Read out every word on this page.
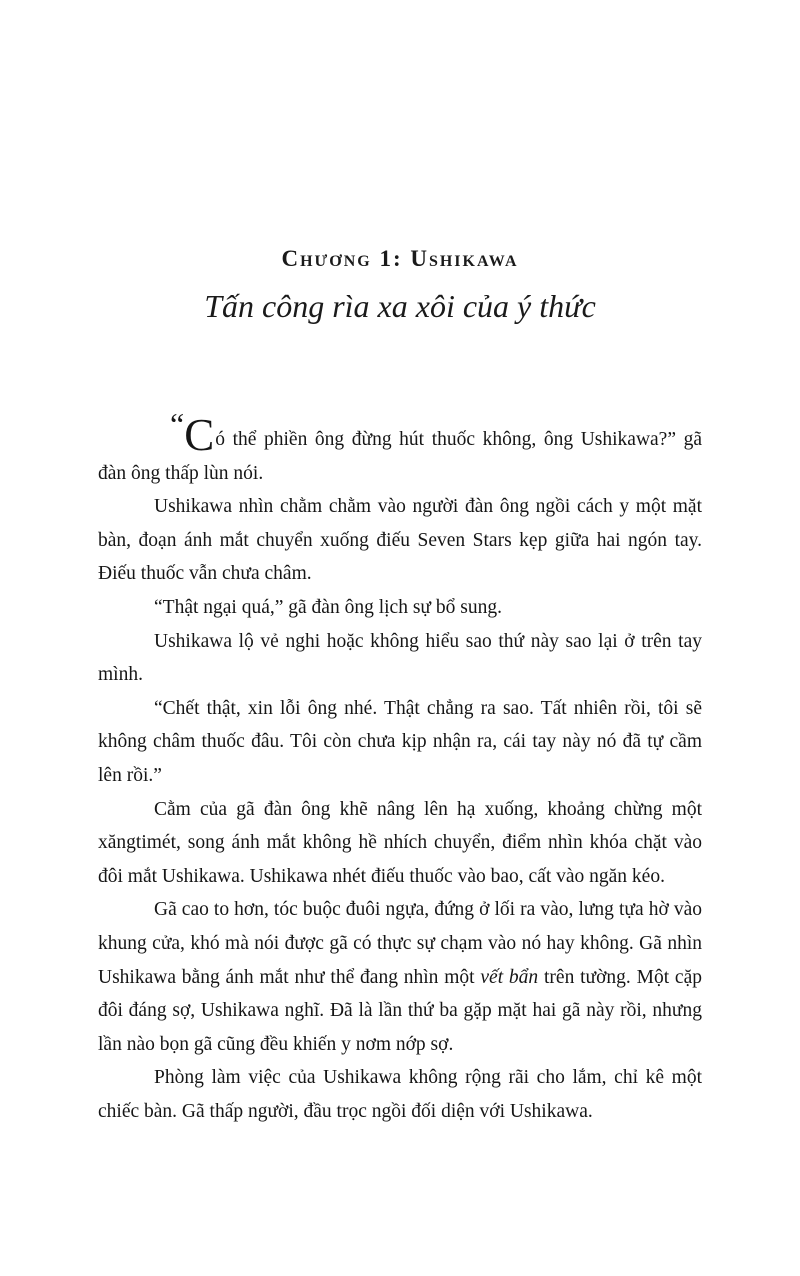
Chương 1: Ushikawa
Tấn công rìa xa xôi của ý thức

“Có thể phiền ông đừng hút thuốc không, ông Ushikawa?” gã đàn ông thấp lùn nói.

Ushikawa nhìn chằm chằm vào người đàn ông ngồi cách y một mặt bàn, đoạn ánh mắt chuyển xuống điếu Seven Stars kẹp giữa hai ngón tay. Điếu thuốc vẫn chưa châm.

“Thật ngại quá,” gã đàn ông lịch sự bổ sung.

Ushikawa lộ vẻ nghi hoặc không hiểu sao thứ này sao lại ở trên tay mình.

“Chết thật, xin lỗi ông nhé. Thật chẳng ra sao. Tất nhiên rồi, tôi sẽ không châm thuốc đâu. Tôi còn chưa kịp nhận ra, cái tay này nó đã tự cầm lên rồi.”

Cằm của gã đàn ông khẽ nâng lên hạ xuống, khoảng chừng một xăngtimét, song ánh mắt không hề nhích chuyển, điểm nhìn khóa chặt vào đôi mắt Ushikawa. Ushikawa nhét điếu thuốc vào bao, cất vào ngăn kéo.

Gã cao to hơn, tóc buộc đuôi ngựa, đứng ở lối ra vào, lưng tựa hờ vào khung cửa, khó mà nói được gã có thực sự chạm vào nó hay không. Gã nhìn Ushikawa bằng ánh mắt như thể đang nhìn một vết bẩn trên tường. Một cặp đôi đáng sợ, Ushikawa nghĩ. Đã là lần thứ ba gặp mặt hai gã này rồi, nhưng lần nào bọn gã cũng đều khiến y nơm nớp sợ.

Phòng làm việc của Ushikawa không rộng rãi cho lắm, chỉ kê một chiếc bàn. Gã thấp người, đầu trọc ngồi đối diện với Ushikawa.
